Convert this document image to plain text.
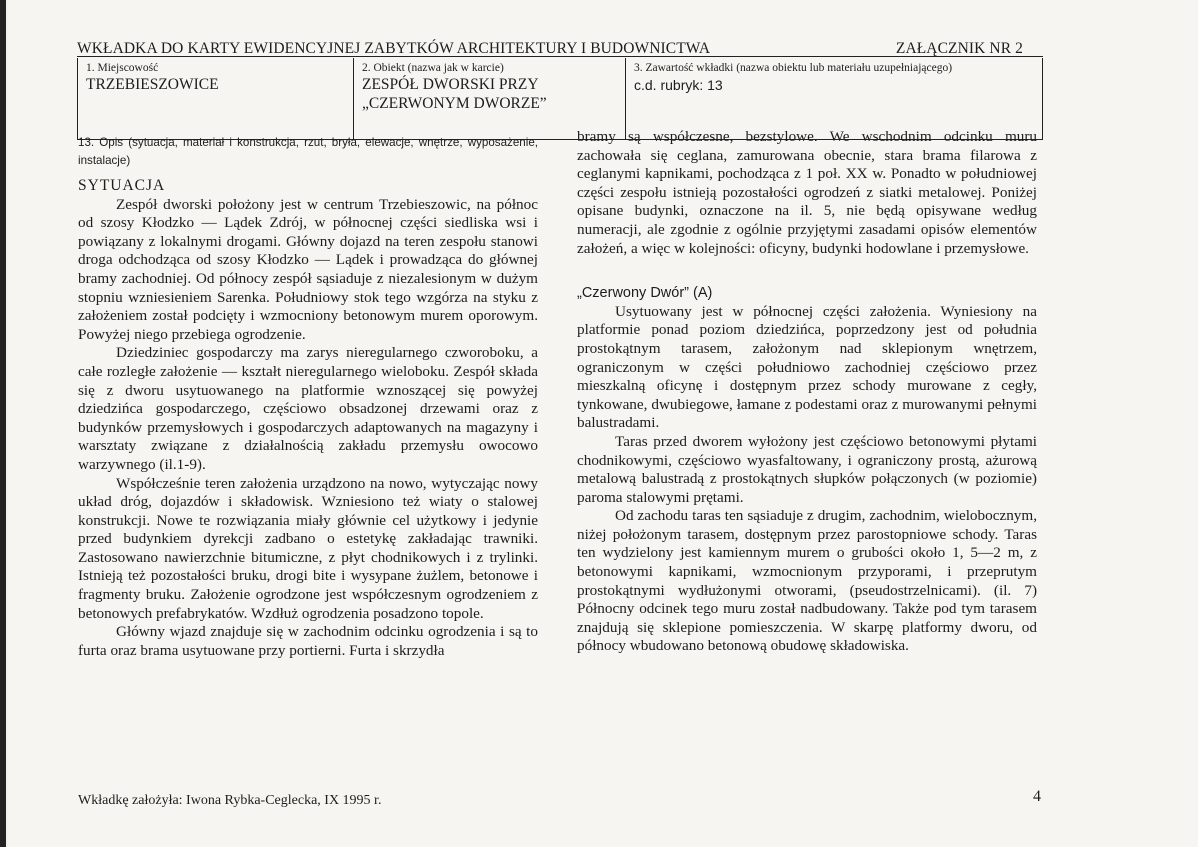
WKŁADKA DO KARTY EWIDENCYJNEJ ZABYTKÓW ARCHITEKTURY I BUDOWNICTWA	ZAŁĄCZNIK NR 2
1. Miejscowość
TRZEBIESZOWICE
2. Obiekt (nazwa jak w karcie)
ZESPÓŁ DWORSKI PRZY
„CZERWONYM DWORZE”
3. Zawartość wkładki (nazwa obiektu lub materiału uzupełniającego)
c.d. rubryk: 13
13. Opis (sytuacja, materiał i konstrukcja, rzut, bryła, elewacje, wnętrze, wyposażenie, instalacje)
SYTUACJA

Zespół dworski położony jest w centrum Trzebieszowic, na północ od szosy Kłodzko — Lądek Zdrój, w północnej części siedliska wsi i powiązany z lokalnymi drogami. Główny dojazd na teren zespołu stanowi droga odchodząca od szosy Kłodzko — Lądek i prowadząca do głównej bramy zachodniej. Od północy zespół sąsiaduje z niezalesionym w dużym stopniu wzniesieniem Sarenka. Południowy stok tego wzgórza na styku z założeniem został podcięty i wzmocniony betonowym murem oporowym. Powyżej niego przebiega ogrodzenie.

Dziedziniec gospodarczy ma zarys nieregularnego czworoboku, a całe rozległe założenie — kształt nieregularnego wieloboku. Zespół składa się z dworu usytuowanego na platformie wznoszącej się powyżej dziedzińca gospodarczego, częściowo obsadzonej drzewami oraz z budynków przemysłowych i gospodarczych adaptowanych na magazyny i warsztaty związane z działalnością zakładu przemysłu owocowo warzywnego (il.1-9).

Współcześnie teren założenia urządzono na nowo, wytyczając nowy układ dróg, dojazdów i składowisk. Wzniesiono też wiaty o stalowej konstrukcji. Nowe te rozwiązania miały głównie cel użytkowy i jedynie przed budynkiem dyrekcji zadbano o estetykę zakładając trawniki. Zastosowano nawierzchnie bitumiczne, z płyt chodnikowych i z trylinki. Istnieją też pozostałości bruku, drogi bite i wysypane żużlem, betonowe i fragmenty bruku. Założenie ogrodzone jest współczesnym ogrodzeniem z betonowych prefabrykatów. Wzdłuż ogrodzenia posadzono topole.

Główny wjazd znajduje się w zachodnim odcinku ogrodzenia i są to furta oraz brama usytuowane przy portierni. Furta i skrzydła

bramy są współczesne, bezstylowe. We wschodnim odcinku muru zachowała się ceglana, zamurowana obecnie, stara brama filarowa z ceglanymi kapnikami, pochodząca z 1 poł. XX w. Ponadto w południowej części zespołu istnieją pozostałości ogrodzeń z siatki metalowej. Poniżej opisane budynki, oznaczone na il. 5, nie będą opisywane według numeracji, ale zgodnie z ogólnie przyjętymi zasadami opisów elementów założeń, a więc w kolejności: oficyny, budynki hodowlane i przemysłowe.

„Czerwony Dwór” (A)

Usytuowany jest w północnej części założenia. Wyniesiony na platformie ponad poziom dziedzińca, poprzedzony jest od południa prostokątnym tarasem, założonym nad sklepionym wnętrzem, ograniczonym w części południowo zachodniej częściowo przez mieszkalną oficynę i dostępnym przez schody murowane z cegły, tynkowane, dwubiegowe, łamane z podestami oraz z murowanymi pełnymi balustradami.

Taras przed dworem wyłożony jest częściowo betonowymi płytami chodnikowymi, częściowo wyasfaltowany, i ograniczony prostą, ażurową metalową balustradą z prostokątnych słupków połączonych (w poziomie) paroma stalowymi prętami.

Od zachodu taras ten sąsiaduje z drugim, zachodnim, wielobocznym, niżej położonym tarasem, dostępnym przez parostopniowe schody. Taras ten wydzielony jest kamiennym murem o grubości około 1, 5—2 m, z betonowymi kapnikami, wzmocnionym przyporami, i przeprutym prostokątnymi wydłużonymi otworami, (pseudostrzelnicami). (il. 7) Północny odcinek tego muru został nadbudowany. Także pod tym tarasem znajdują się sklepione pomieszczenia. W skarpę platformy dworu, od północy wbudowano betonową obudowę składowiska.

Wkładkę założyła: Iwona Rybka-Ceglecka, IX 1995 r.	4
